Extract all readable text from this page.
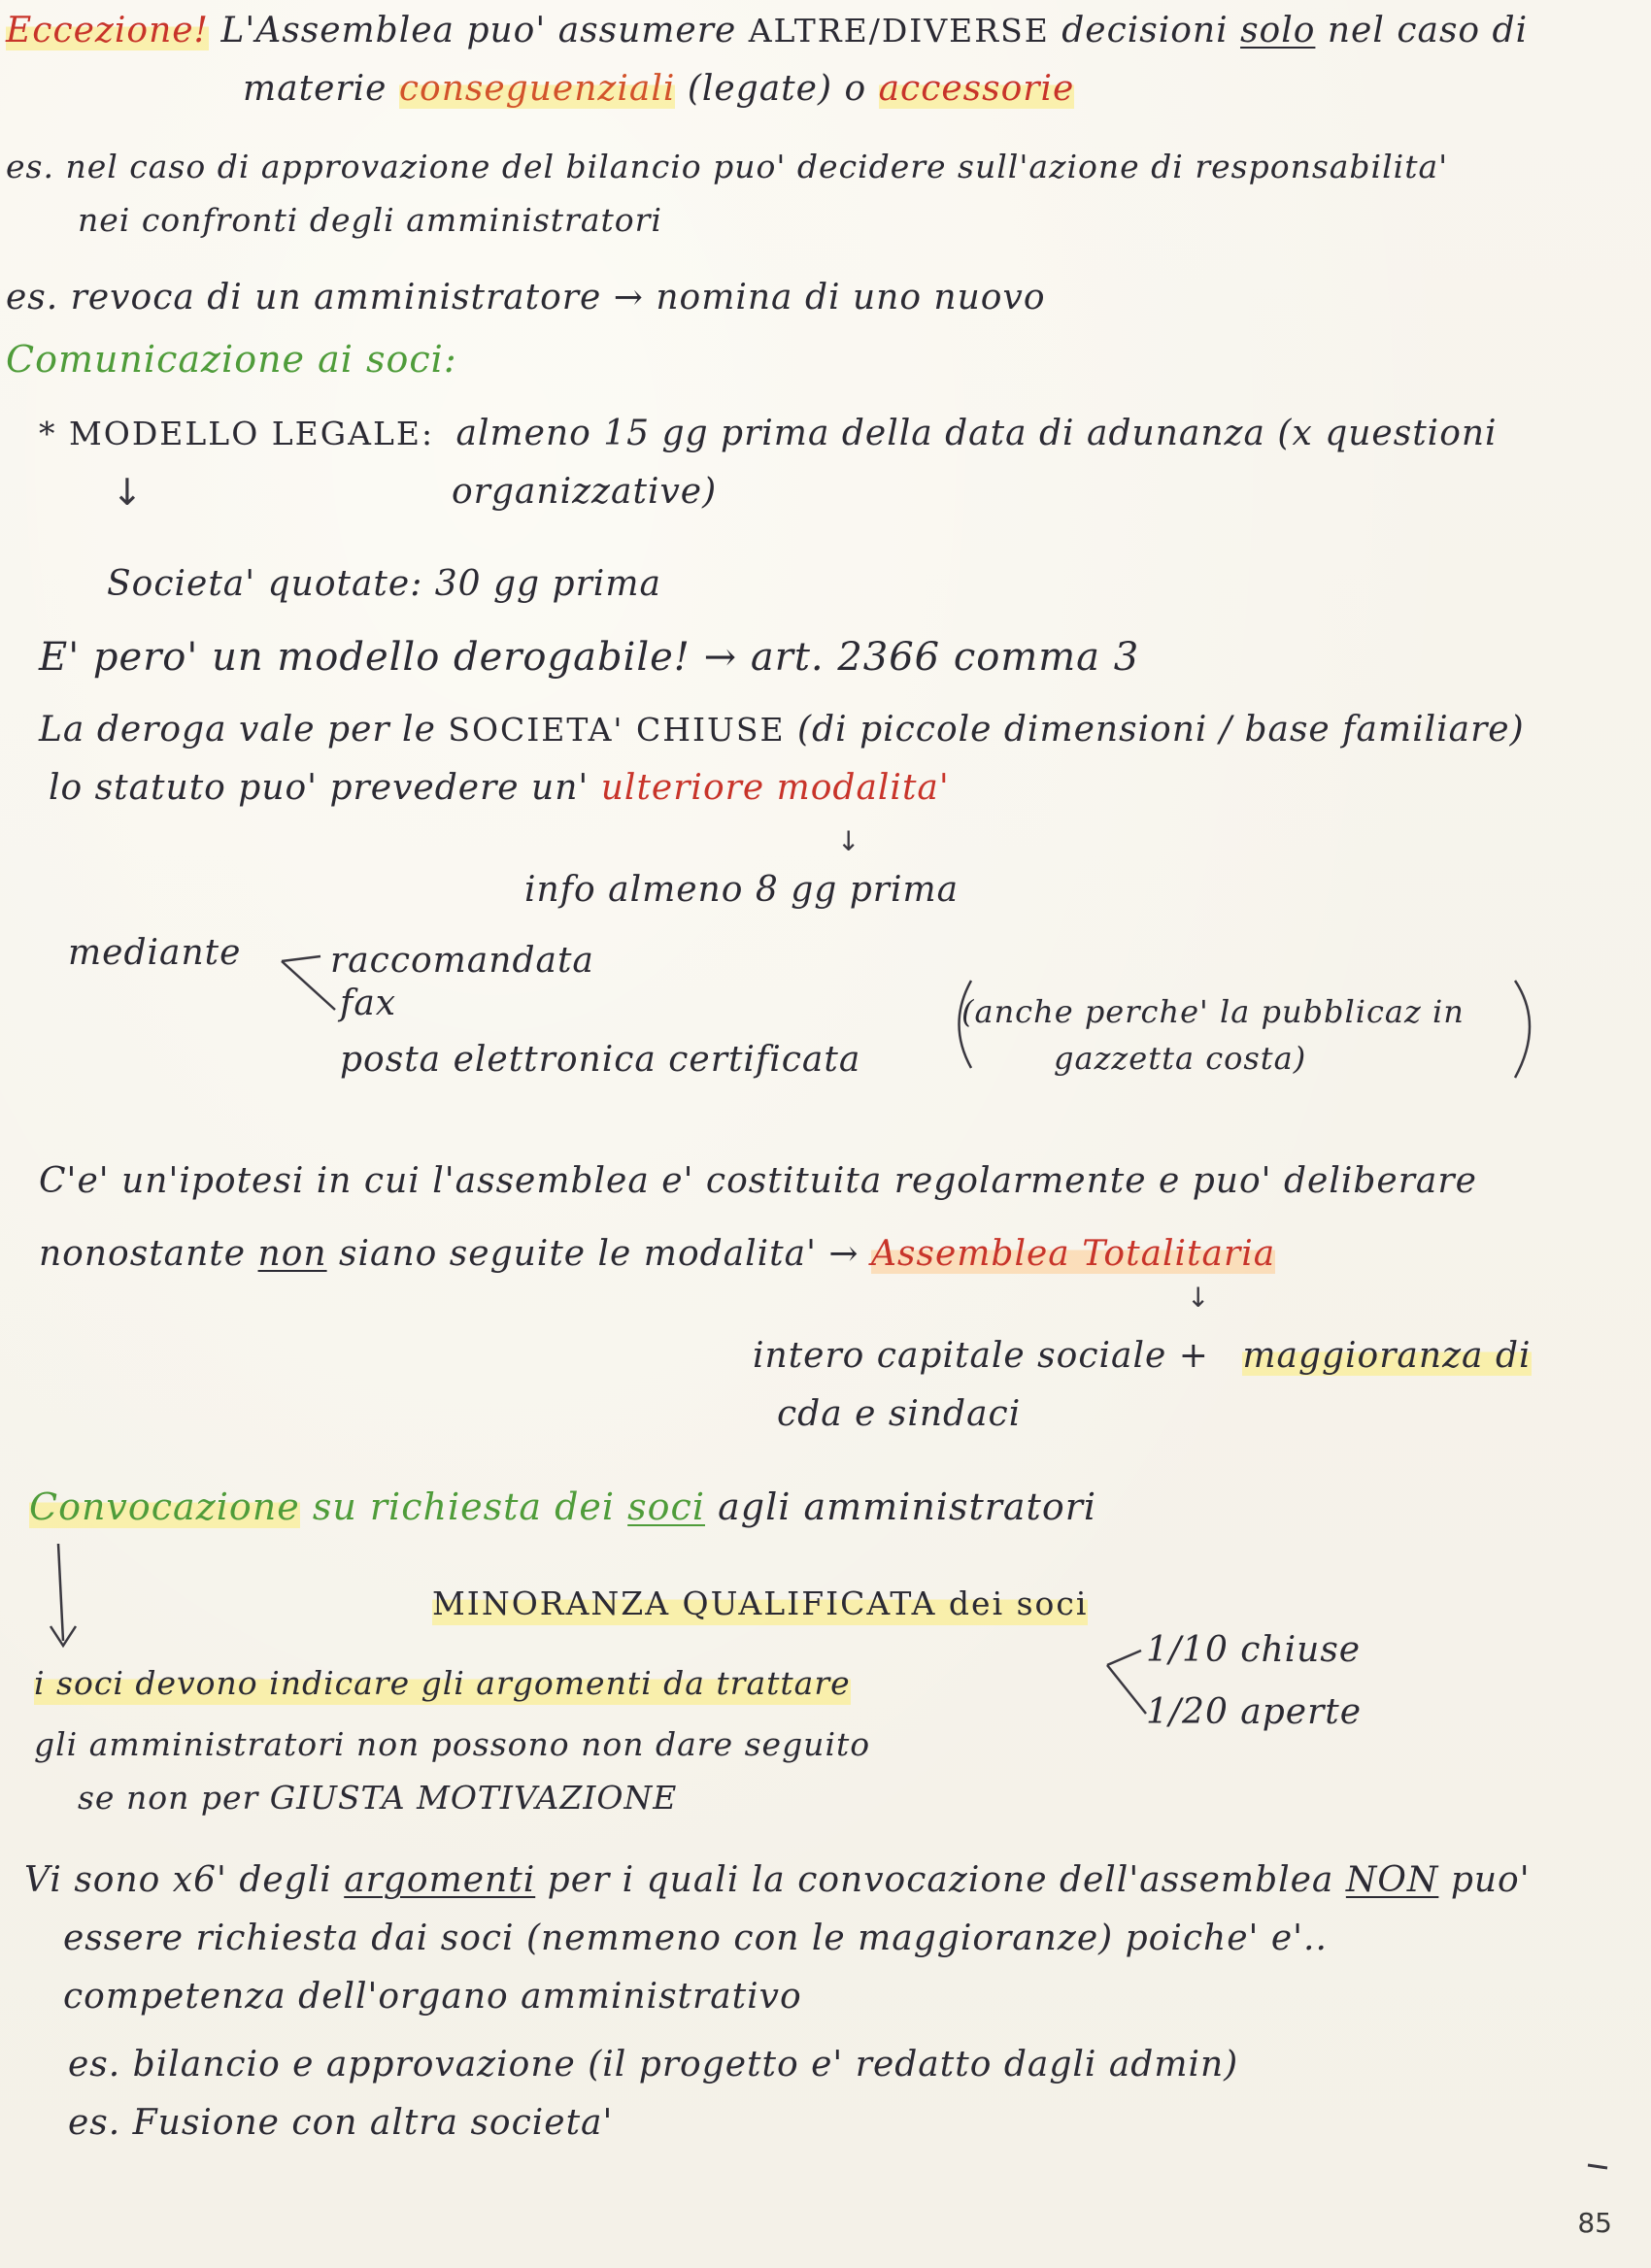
Eccezione! L'Assemblea puo' assumere ALTRE/DIVERSE decisioni solo nel caso di
materie conseguenziali (legate) o accessorie
es. nel caso di approvazione del bilancio puo' decidere sull'azione di responsabilita'
nei confronti degli amministratori
es. revoca di un amministratore → nomina di uno nuovo
Comunicazione ai soci:
* MODELLO LEGALE: almeno 15 gg prima della data di adunanza (x questioni
organizzative)
↓
Societa' quotate: 30 gg prima
E' pero' un modello derogabile! → art. 2366 comma 3
La deroga vale per le SOCIETA' CHIUSE (di piccole dimensioni / base familiare)
lo statuto puo' prevedere un' ulteriore modalita'
↓
info almeno 8 gg prima
mediante	raccomandata
fax
posta elettronica certificata
(anche perche' la pubblicaz in
gazzetta costa)
C'e' un'ipotesi in cui l'assemblea e' costituita regolarmente e puo' deliberare
nonostante non siano seguite le modalita' → Assemblea Totalitaria
↓
intero capitale sociale + maggioranza di
cda e sindaci
Convocazione su richiesta dei soci agli amministratori
MINORANZA QUALIFICATA dei soci
1/10 chiuse
1/20 aperte
i soci devono indicare gli argomenti da trattare
gli amministratori non possono non dare seguito
se non per GIUSTA MOTIVAZIONE
Vi sono x6' degli argomenti per i quali la convocazione dell'assemblea NON puo'
essere richiesta dai soci (nemmeno con le maggioranze) poiche' e'..
competenza dell'organo amministrativo
es. bilancio e approvazione (il progetto e' redatto dagli admin)
es. Fusione con altra societa'
85
